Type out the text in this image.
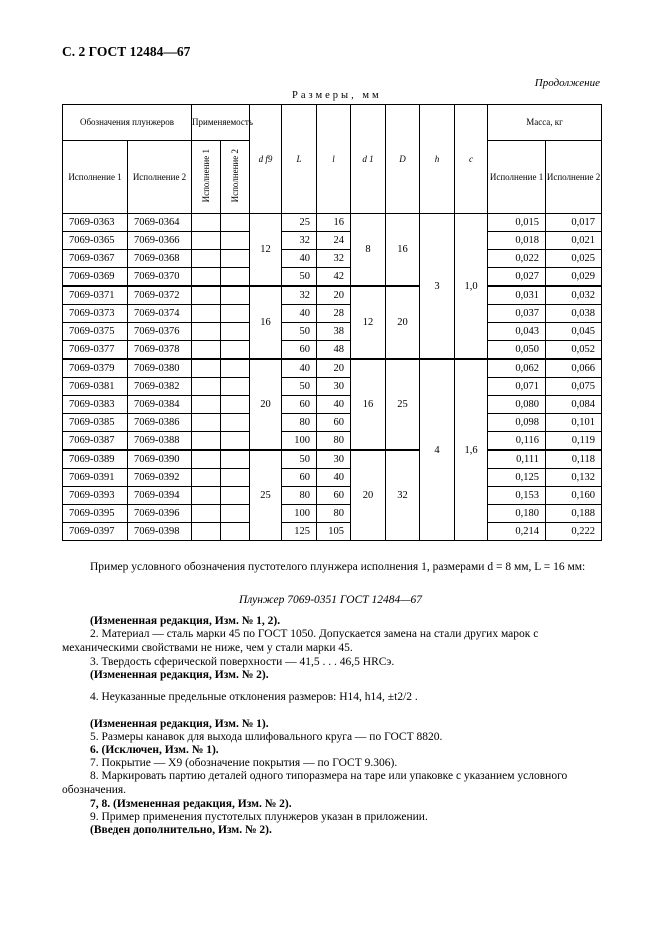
С. 2 ГОСТ 12484—67
Продолжение
Размеры, мм
Обозначения плунжеров		Применяемость		d f9	L	l	d 1	D	h	c	Масса, кг	
Исполнение 1	Исполнение 2	Исполнение 1	Исполнение 2								Исполнение 1	Исполнение 2
7069-0363	7069-0364			12	25	16	8	16	3	1,0	0,015	0,017
7069-0365	7069-0366				32	24					0,018	0,021
7069-0367	7069-0368				40	32					0,022	0,025
7069-0369	7069-0370				50	42					0,027	0,029
7069-0371	7069-0372			16	32	20	12	20			0,031	0,032
7069-0373	7069-0374				40	28					0,037	0,038
7069-0375	7069-0376				50	38					0,043	0,045
7069-0377	7069-0378				60	48					0,050	0,052
7069-0379	7069-0380			20	40	20	16	25	4	1,6	0,062	0,066
7069-0381	7069-0382				50	30					0,071	0,075
7069-0383	7069-0384				60	40					0,080	0,084
7069-0385	7069-0386				80	60					0,098	0,101
7069-0387	7069-0388				100	80					0,116	0,119
7069-0389	7069-0390			25	50	30	20	32			0,111	0,118
7069-0391	7069-0392				60	40					0,125	0,132
7069-0393	7069-0394				80	60					0,153	0,160
7069-0395	7069-0396				100	80					0,180	0,188
7069-0397	7069-0398				125	105					0,214	0,222
Пример условного обозначения пустотелого плунжера исполнения 1, размерами d = 8 мм, L = 16 мм:
Плунжер 7069-0351 ГОСТ 12484—67
(Измененная редакция, Изм. № 1, 2).
2. Материал — сталь марки 45 по ГОСТ 1050. Допускается замена на стали других марок с механическими свойствами не ниже, чем у стали марки 45.
3. Твердость сферической поверхности — 41,5 . . . 46,5 HRCэ.
(Измененная редакция, Изм. № 2).
4. Неуказанные предельные отклонения размеров: H14, h14, ±t2/2 .
(Измененная редакция, Изм. № 1).
5. Размеры канавок для выхода шлифовального круга — по ГОСТ 8820.
6. (Исключен, Изм. № 1).
7. Покрытие — Х9 (обозначение покрытия — по ГОСТ 9.306).
8. Маркировать партию деталей одного типоразмера на таре или упаковке с указанием условного обозначения.
7, 8. (Измененная редакция, Изм. № 2).
9. Пример применения пустотелых плунжеров указан в приложении.
(Введен дополнительно, Изм. № 2).
